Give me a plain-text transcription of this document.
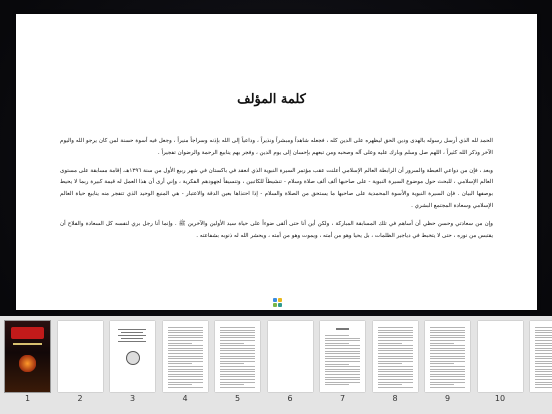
كلمة المؤلف

الحمد لله الذي أرسل رسوله بالهدى ودين الحق ليظهره على الدين كله ، فجعله شاهداً ومبشراً ونذيراً ، وداعياً إلى الله بإذنه وسراجاً منيراً ، وجعل فيه أسوة حسنة لمن كان يرجو الله واليوم الآخر وذكر الله كثيراً ، اللهم صل وسلم وبارك عليه وعلى آله وصحبه ومن تبعهم بإحسان إلى يوم الدين ، وفجر بهم ينابيع الرحمة والرضوان تفجيراً .

وبعد ، فإن من دواعي الغبطة والسرور أن الرابطة العالم الإسلامي أعلنت عقب مؤتمر السيرة النبوية الذي انعقد في باكستان في شهر ربيع الأول من سنة ١٣٩٦هـ، إقامة مسابقة على مستوى العالم الإسلامي ، للبحث حول موضوع السيرة النبوية - على صاحبها ألف ألف صلاة وسلام - تنشيطاً للكاتبين ، وتنسيقاً لجهودهم الفكرية ، وإني أرى أن هذا العمل له قيمة كبيرة ربما لا يحيط بوصفها البيان . فإن السيرة النبوية والأسوة المحمدية على صاحبها ما يستحق من الصلاة والسلام - إذا احتذاها بعين الدقة والاعتبار - هي المنبع الوحيد الذي تتفجر منه ينابيع حياة العالم الإسلامي وسعادة المجتمع البشري .

وإن من سعادتي وحسن حظي أن أساهم في تلك المسابقة المباركة ، ولكن أين أنا حتى ألقى ضوءاً على حياة سيد الأولين والآخرين ﷺ . وإنما أنا رجل بري لنفسه كل السعادة والفلاح أن يقتبس من نوره ، حتى لا يتخبط في دياجير الظلمات ، بل يحيا وهو من أمته ، ويموت وهو من أمته ، ويحشر الله له ذنوبه بشفاعته .

1	2	3	4	5	6	7	8	9	10
